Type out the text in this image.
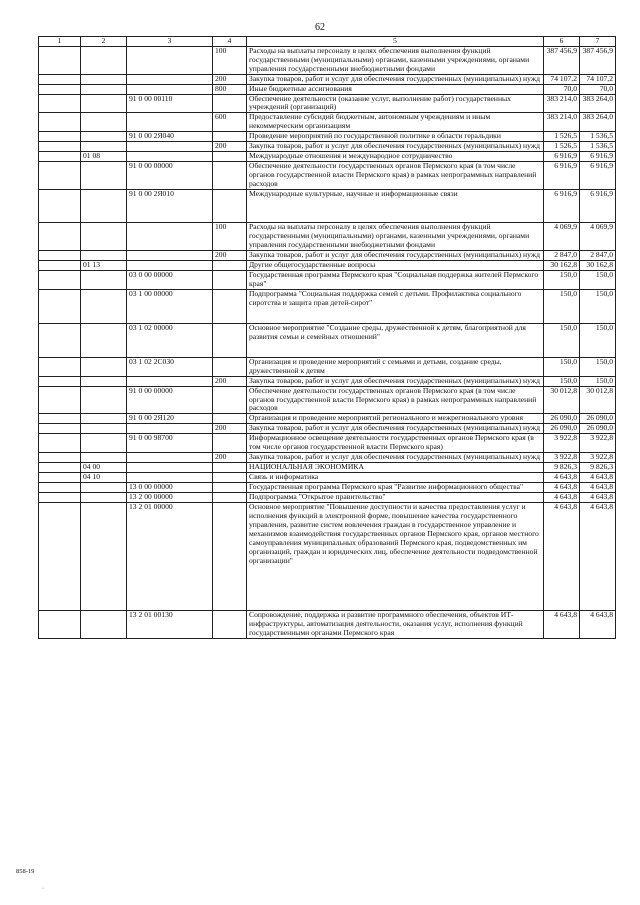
62
1	2	3	4	5	6	7
			100	Расходы на выплаты персоналу в целях обеспечения выполнения функций государственными (муниципальными) органами, казенными учреждениями, органами управления государственными внебюджетными фондами	387 456,9	387 456,9
			200	Закупка товаров, работ и услуг для обеспечения государственных (муниципальных) нужд	74 107,2	74 107,2
			800	Иные бюджетные ассигнования	70,0	70,0
		91 0 00 00110		Обеспечение деятельности (оказание услуг, выполнение работ) государственных учреждений (организаций)	383 214,0	383 264,0
			600	Предоставление субсидий бюджетным, автономным учреждениям и иным некоммерческим организациям	383 214,0	383 264,0
		91 0 00 2Я040		Проведение мероприятий по государственной политике в области геральдики	1 526,5	1 536,5
			200	Закупка товаров, работ и услуг для обеспечения государственных (муниципальных) нужд	1 526,5	1 536,5
	01 08			Международные отношения и международное сотрудничество	6 916,9	6 916,9
		91 0 00 00000		Обеспечение деятельности государственных органов Пермского края (в том числе органов государственной власти Пермского края) в рамках непрограммных направлений расходов	6 916,9	6 916,9
		91 0 00 2Я010		Международные культурные, научные и информационные связи	6 916,9	6 916,9
			100	Расходы на выплаты персоналу в целях обеспечения выполнения функций государственными (муниципальными) органами, казенными учреждениями, органами управления государственными внебюджетными фондами	4 069,9	4 069,9
			200	Закупка товаров, работ и услуг для обеспечения государственных (муниципальных) нужд	2 847,0	2 847,0
	01 13			Другие общегосударственные вопросы	30 162,8	30 162,8
		03 0 00 00000		Государственная программа Пермского края "Социальная поддержка жителей Пермского края"	150,0	150,0
		03 1 00 00000		Подпрограмма "Социальная поддержка семей с детьми. Профилактика социального сиротства и защита прав детей-сирот"	150,0	150,0
		03 1 02 00000		Основное мероприятие "Создание среды, дружественной к детям, благоприятной для развития семьи и семейных отношений"	150,0	150,0
		03 1 02 2С030		Организация и проведение мероприятий с семьями и детьми, создание среды, дружественной к детям	150,0	150,0
			200	Закупка товаров, работ и услуг для обеспечения государственных (муниципальных) нужд	150,0	150,0
		91 0 00 00000		Обеспечение деятельности государственных органов Пермского края (в том числе органов государственной власти Пермского края) в рамках непрограммных направлений расходов	30 012,8	30 012,8
		91 0 00 2Я120		Организация и проведение мероприятий регионального и межрегионального уровня	26 090,0	26 090,0
			200	Закупка товаров, работ и услуг для обеспечения государственных (муниципальных) нужд	26 090,0	26 090,0
		91 0 00 98700		Информационное освещение деятельности государственных органов Пермского края (в том числе органов государственной власти Пермского края)	3 922,8	3 922,8
			200	Закупка товаров, работ и услуг для обеспечения государственных (муниципальных) нужд	3 922,8	3 922,8
	04 00			НАЦИОНАЛЬНАЯ ЭКОНОМИКА	9 826,3	9 826,3
	04 10			Связь и информатика	4 643,8	4 643,8
		13 0 00 00000		Государственная программа Пермского края "Развитие информационного общества"	4 643,8	4 643,8
		13 2 00 00000		Подпрограмма "Открытое правительство"	4 643,8	4 643,8
		13 2 01 00000		Основное мероприятие "Повышение доступности и качества предоставления услуг и исполнения функций в электронной форме, повышение качества государственного управления, развитие систем вовлечения граждан в государственное управление и механизмов взаимодействия государственных органов Пермского края, органов местного самоуправления муниципальных образований Пермского края, подведомственных им организаций, граждан и юридических лиц, обеспечение деятельности подведомственной организации"	4 643,8	4 643,8
		13 2 01 00130		Сопровождение, поддержка и развитие программного обеспечения, объектов ИТ-инфраструктуры, автоматизация деятельности, оказания услуг, исполнения функций государственными органами Пермского края	4 643,8	4 643,8
858-19
·
